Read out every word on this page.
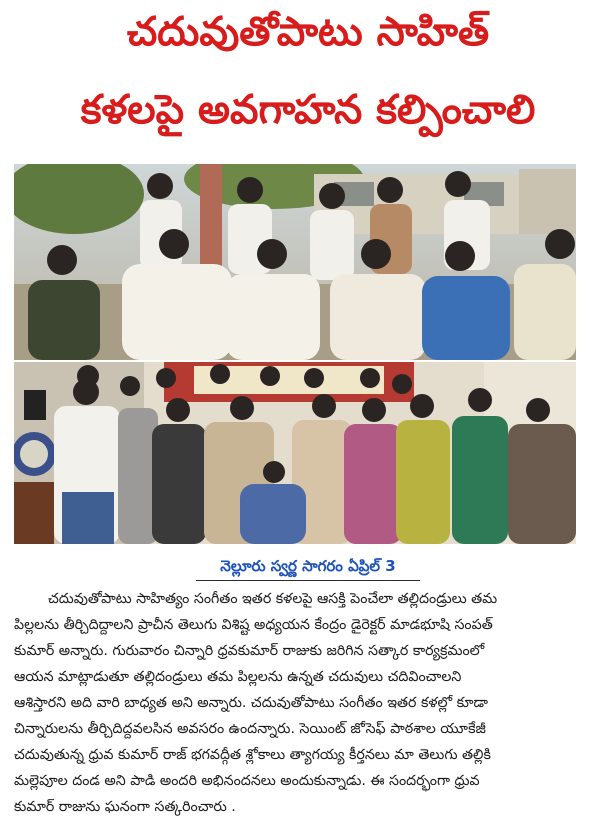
చదువుతోపాటు సాహిత్
కళలపై అవగాహన కల్పించాలి
నెల్లూరు స్వర్ణ సాగరం ఏప్రిల్ 3
చదువుతోపాటు సాహిత్యం సంగీతం ఇతర కళలపై ఆసక్తి పెంచేలా తల్లిదండ్రులు తమ
పిల్లలను తీర్చిదిద్దాలని ప్రాచీన తెలుగు విశిష్ట అధ్యయన కేంద్రం డైరెక్టర్ మాడభూషి సంపత్
కుమార్ అన్నారు. గురువారం చిన్నారి ధ్రవకుమార్ రాజుకు జరిగిన సత్కార కార్యక్రమంలో
ఆయన మాట్లాడుతూ తల్లిదండ్రులు తమ పిల్లలను ఉన్నత చదువులు చదివించాలని
ఆశిస్తారని అది వారి బాధ్యత అని అన్నారు. చదువుతోపాటు సంగీతం ఇతర కళల్లో కూడా
చిన్నారులను తీర్చిదిద్దవలసిన అవసరం ఉందన్నారు. సెయింట్ జోసెఫ్ పాఠశాల యూకేజీ
చదువుతున్న ధ్రువ కుమార్ రాజ్ భగవద్గీత శ్లోకాలు త్యాగయ్య కీర్తనలు మా తెలుగు తల్లికి
మల్లెపూల దండ అని పాడి అందరి అభినందనలు అందుకున్నాడు. ఈ సందర్భంగా ధ్రువ
కుమార్ రాజును ఘనంగా సత్కరించారు .
